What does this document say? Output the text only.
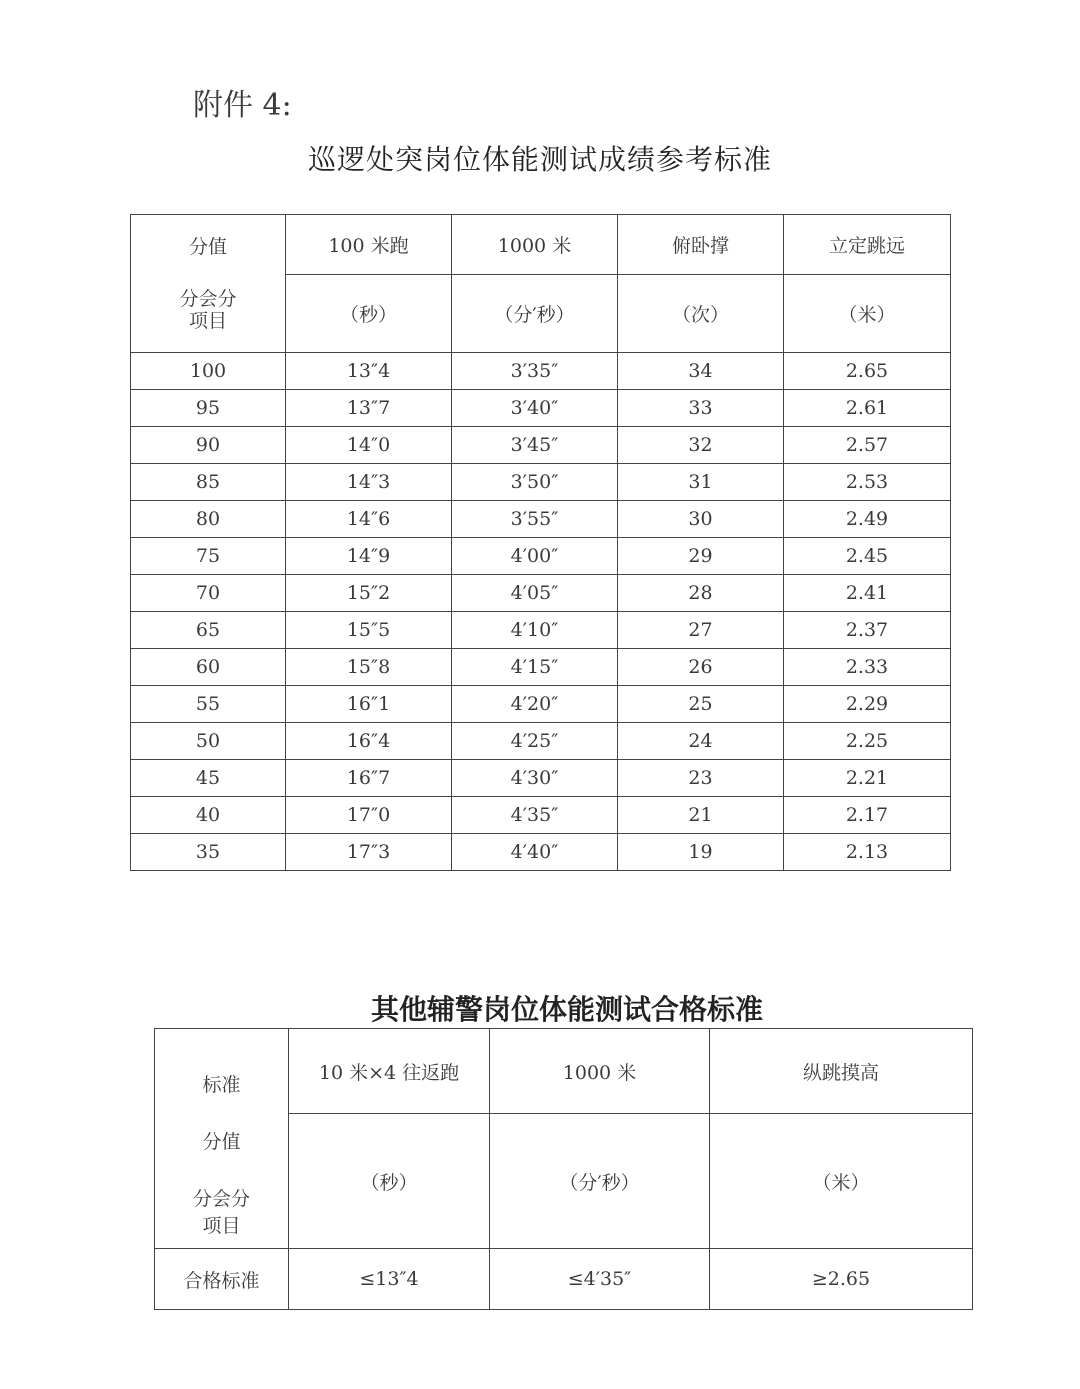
附件 4:
巡逻处突岗位体能测试成绩参考标准
分值
分会分
项目	100 米跑	1000 米	俯卧撑	立定跳远
	（秒）	（分′秒）	（次）	（米）
100	13″4	3′35″	34	2.65
95	13″7	3′40″	33	2.61
90	14″0	3′45″	32	2.57
85	14″3	3′50″	31	2.53
80	14″6	3′55″	30	2.49
75	14″9	4′00″	29	2.45
70	15″2	4′05″	28	2.41
65	15″5	4′10″	27	2.37
60	15″8	4′15″	26	2.33
55	16″1	4′20″	25	2.29
50	16″4	4′25″	24	2.25
45	16″7	4′30″	23	2.21
40	17″0	4′35″	21	2.17
35	17″3	4′40″	19	2.13
其他辅警岗位体能测试合格标准
标准
分值
分会分
项目	10 米×4 往返跑	1000 米	纵跳摸高
	（秒）	（分′秒）	（米）
合格标准	≤13″4	≤4′35″	≥2.65
